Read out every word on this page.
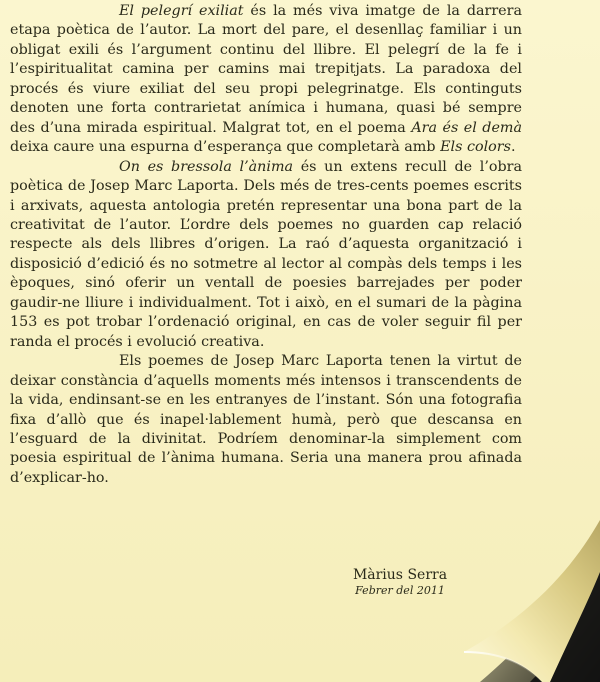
El pelegrí exiliat és la més viva imatge de la darrera etapa poètica de l’autor. La mort del pare, el desenllaç familiar i un obligat exili és l’argument continu del llibre. El pelegrí de la fe i l’espiritualitat camina per camins mai trepitjats. La paradoxa del procés és viure exiliat del seu propi pelegrinatge. Els continguts denoten une forta contrarietat anímica i humana, quasi bé sempre des d’una mirada espiritual. Malgrat tot, en el poema Ara és el demà deixa caure una espurna d’esperança que completarà amb Els colors.

On es bressola l’ànima és un extens recull de l’obra poètica de Josep Marc Laporta. Dels més de tres-cents poemes escrits i arxivats, aquesta antologia pretén representar una bona part de la creativitat de l’autor. L’ordre dels poemes no guarden cap relació respecte als dels llibres d’origen. La raó d’aquesta organització i disposició d’edició és no sotmetre al lector al compàs dels temps i les èpoques, sinó oferir un ventall de poesies barrejades per poder gaudir-ne lliure i individualment. Tot i això, en el sumari de la pàgina 153 es pot trobar l’ordenació original, en cas de voler seguir fil per randa el procés i evolució creativa.

Els poemes de Josep Marc Laporta tenen la virtut de deixar constància d’aquells moments més intensos i transcendents de la vida, endinsant-se en les entranyes de l’instant. Són una fotografia fixa d’allò que és inapel·lablement humà, però que descansa en l’esguard de la divinitat. Podríem denominar-la simplement com poesia espiritual de l’ànima humana. Seria una manera prou afinada d’explicar-ho.

Màrius Serra
Febrer del 2011
